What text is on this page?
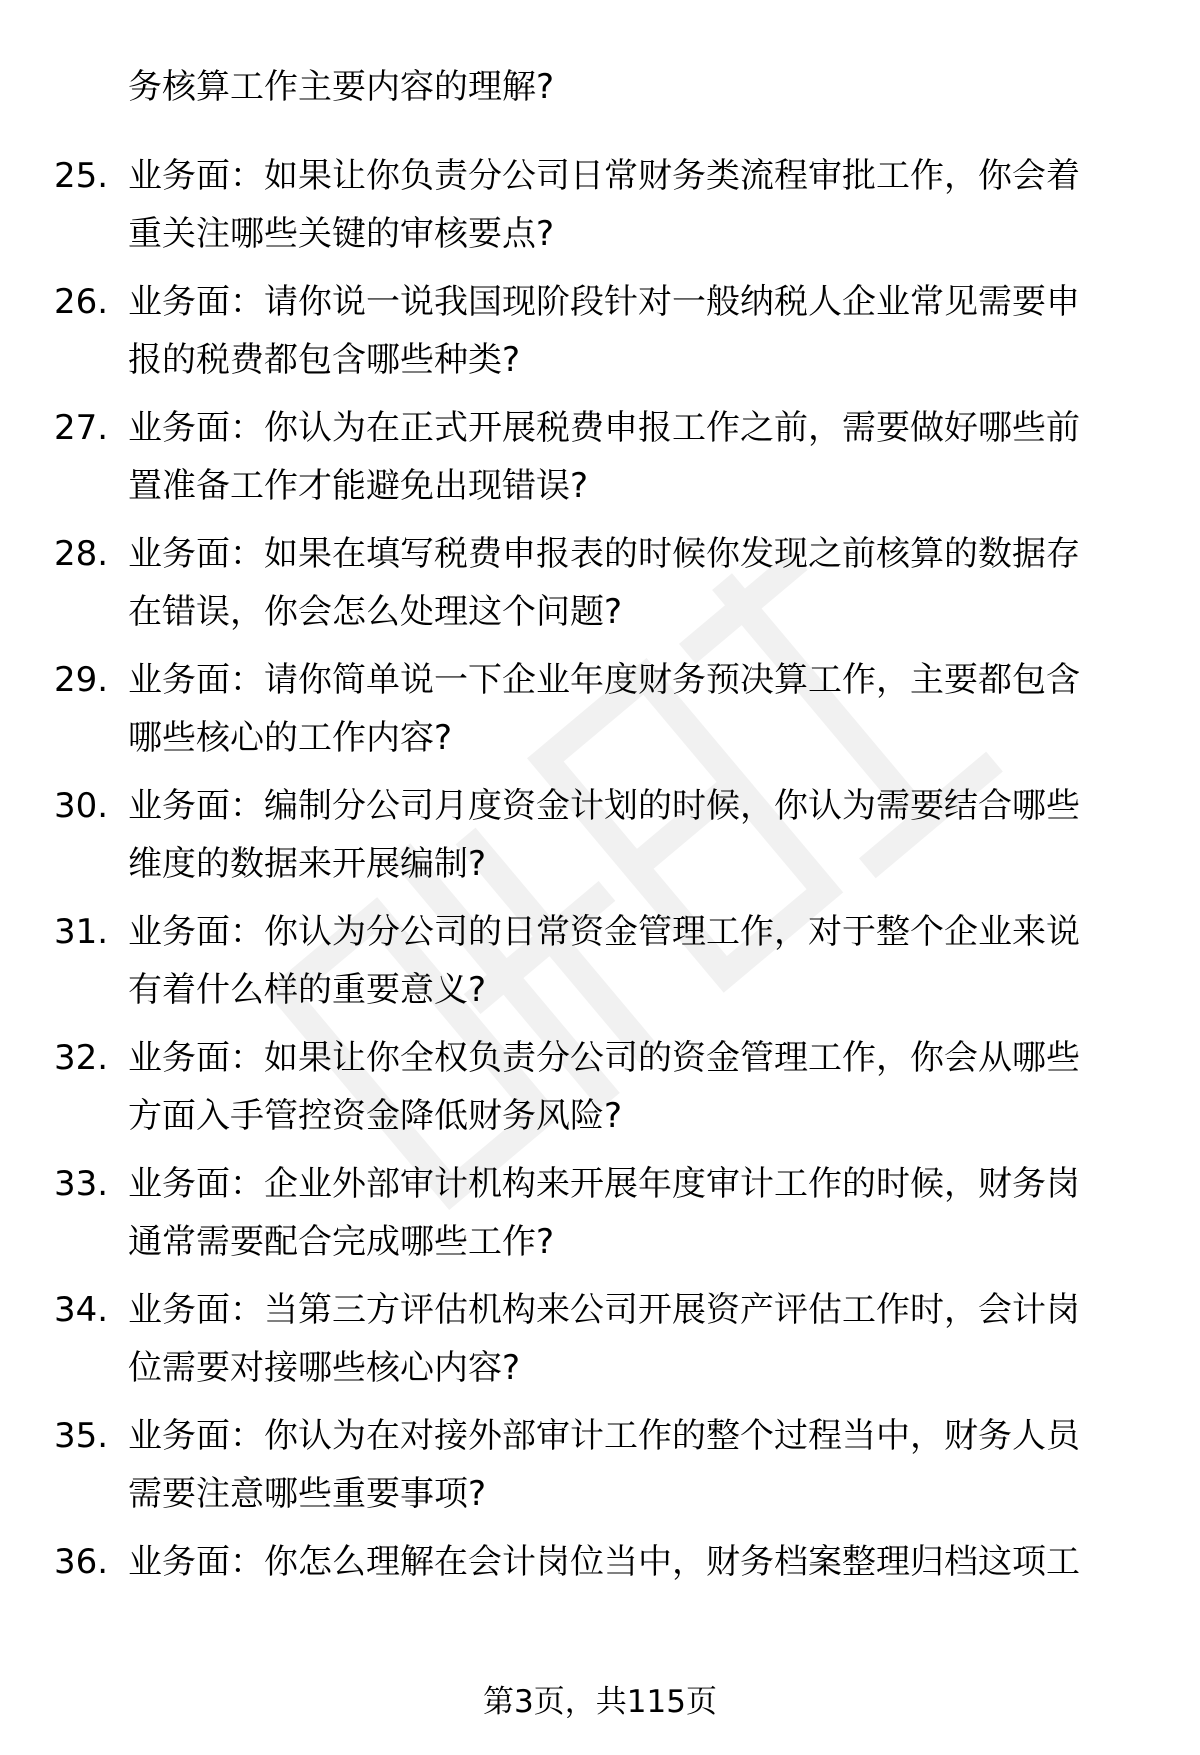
务核算工作主要内容的理解?
25. 业务面：如果让你负责分公司日常财务类流程审批工作，你会着
重关注哪些关键的审核要点?
26. 业务面：请你说一说我国现阶段针对一般纳税人企业常见需要申
报的税费都包含哪些种类?
27. 业务面：你认为在正式开展税费申报工作之前，需要做好哪些前
置准备工作才能避免出现错误?
28. 业务面：如果在填写税费申报表的时候你发现之前核算的数据存
在错误，你会怎么处理这个问题?
29. 业务面：请你简单说一下企业年度财务预决算工作，主要都包含
哪些核心的工作内容?
30. 业务面：编制分公司月度资金计划的时候，你认为需要结合哪些
维度的数据来开展编制?
31. 业务面：你认为分公司的日常资金管理工作，对于整个企业来说
有着什么样的重要意义?
32. 业务面：如果让你全权负责分公司的资金管理工作，你会从哪些
方面入手管控资金降低财务风险?
33. 业务面：企业外部审计机构来开展年度审计工作的时候，财务岗
通常需要配合完成哪些工作?
34. 业务面：当第三方评估机构来公司开展资产评估工作时，会计岗
位需要对接哪些核心内容?
35. 业务面：你认为在对接外部审计工作的整个过程当中，财务人员
需要注意哪些重要事项?
36. 业务面：你怎么理解在会计岗位当中，财务档案整理归档这项工
第3页，共115页
